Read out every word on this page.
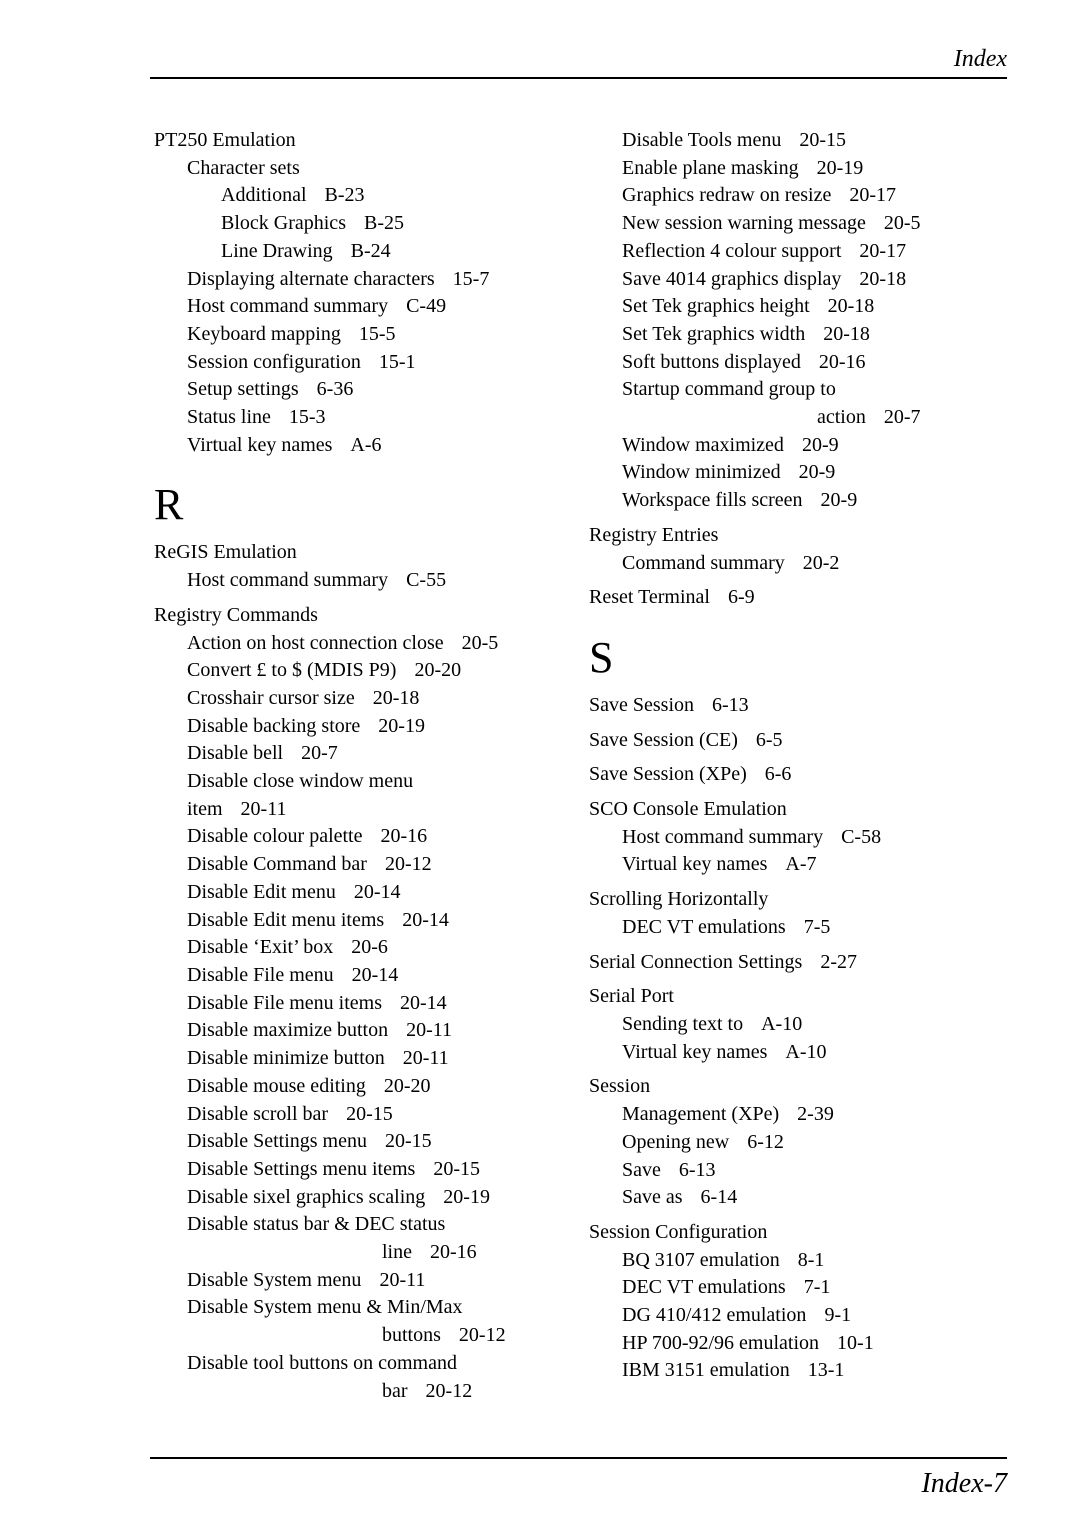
Index
PT250 Emulation
Character sets
Additional B-23
Block Graphics B-25
Line Drawing B-24
Displaying alternate characters 15-7
Host command summary C-49
Keyboard mapping 15-5
Session configuration 15-1
Setup settings 6-36
Status line 15-3
Virtual key names A-6
R
ReGIS Emulation
Host command summary C-55
Registry Commands
Action on host connection close 20-5
Convert £ to $ (MDIS P9) 20-20
Crosshair cursor size 20-18
Disable backing store 20-19
Disable bell 20-7
Disable close window menu
item 20-11
Disable colour palette 20-16
Disable Command bar 20-12
Disable Edit menu 20-14
Disable Edit menu items 20-14
Disable ‘Exit’ box 20-6
Disable File menu 20-14
Disable File menu items 20-14
Disable maximize button 20-11
Disable minimize button 20-11
Disable mouse editing 20-20
Disable scroll bar 20-15
Disable Settings menu 20-15
Disable Settings menu items 20-15
Disable sixel graphics scaling 20-19
Disable status bar & DEC status
line 20-16
Disable System menu 20-11
Disable System menu & Min/Max
buttons 20-12
Disable tool buttons on command
bar 20-12
Disable Tools menu 20-15
Enable plane masking 20-19
Graphics redraw on resize 20-17
New session warning message 20-5
Reflection 4 colour support 20-17
Save 4014 graphics display 20-18
Set Tek graphics height 20-18
Set Tek graphics width 20-18
Soft buttons displayed 20-16
Startup command group to
action 20-7
Window maximized 20-9
Window minimized 20-9
Workspace fills screen 20-9
Registry Entries
Command summary 20-2
Reset Terminal 6-9
S
Save Session 6-13
Save Session (CE) 6-5
Save Session (XPe) 6-6
SCO Console Emulation
Host command summary C-58
Virtual key names A-7
Scrolling Horizontally
DEC VT emulations 7-5
Serial Connection Settings 2-27
Serial Port
Sending text to A-10
Virtual key names A-10
Session
Management (XPe) 2-39
Opening new 6-12
Save 6-13
Save as 6-14
Session Configuration
BQ 3107 emulation 8-1
DEC VT emulations 7-1
DG 410/412 emulation 9-1
HP 700-92/96 emulation 10-1
IBM 3151 emulation 13-1
Index-7
